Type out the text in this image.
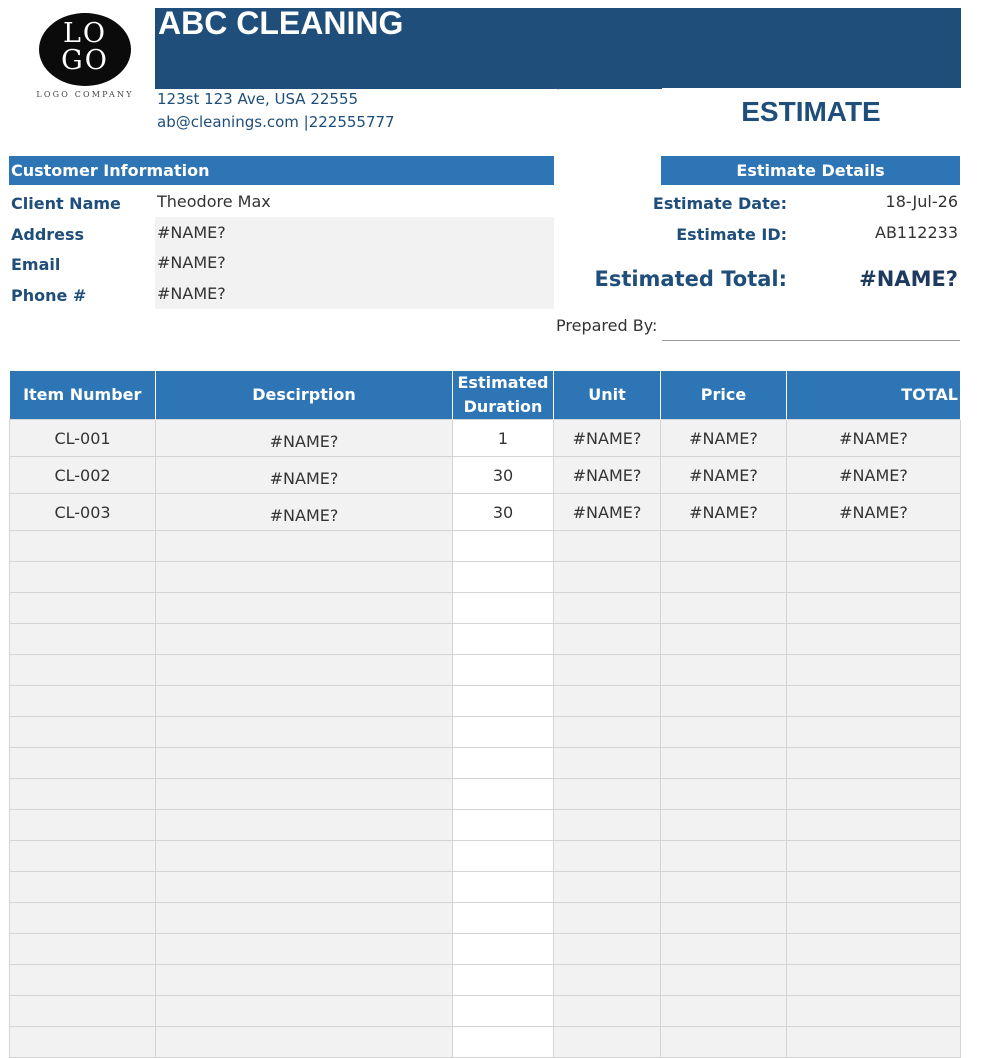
LO
GO
LOGO COMPANY
ABC CLEANING
123st 123 Ave, USA 22555
ab@cleanings.com |222555777
`
ESTIMATE
Customer Information
Client Name Theodore Max
Address	#NAME?
Email	#NAME?
Phone #	#NAME?
Estimate Details
Estimate Date:	18-Jul-26
Estimate ID:	AB112233
Estimated Total:	#NAME?
Prepared By:
Item Number	Descirption	Estimated Duration	Unit	Price	TOTAL
CL-001	#NAME?	1	#NAME?	#NAME?	#NAME?
CL-002	#NAME?	30	#NAME?	#NAME?	#NAME?
CL-003	#NAME?	30	#NAME?	#NAME?	#NAME?
